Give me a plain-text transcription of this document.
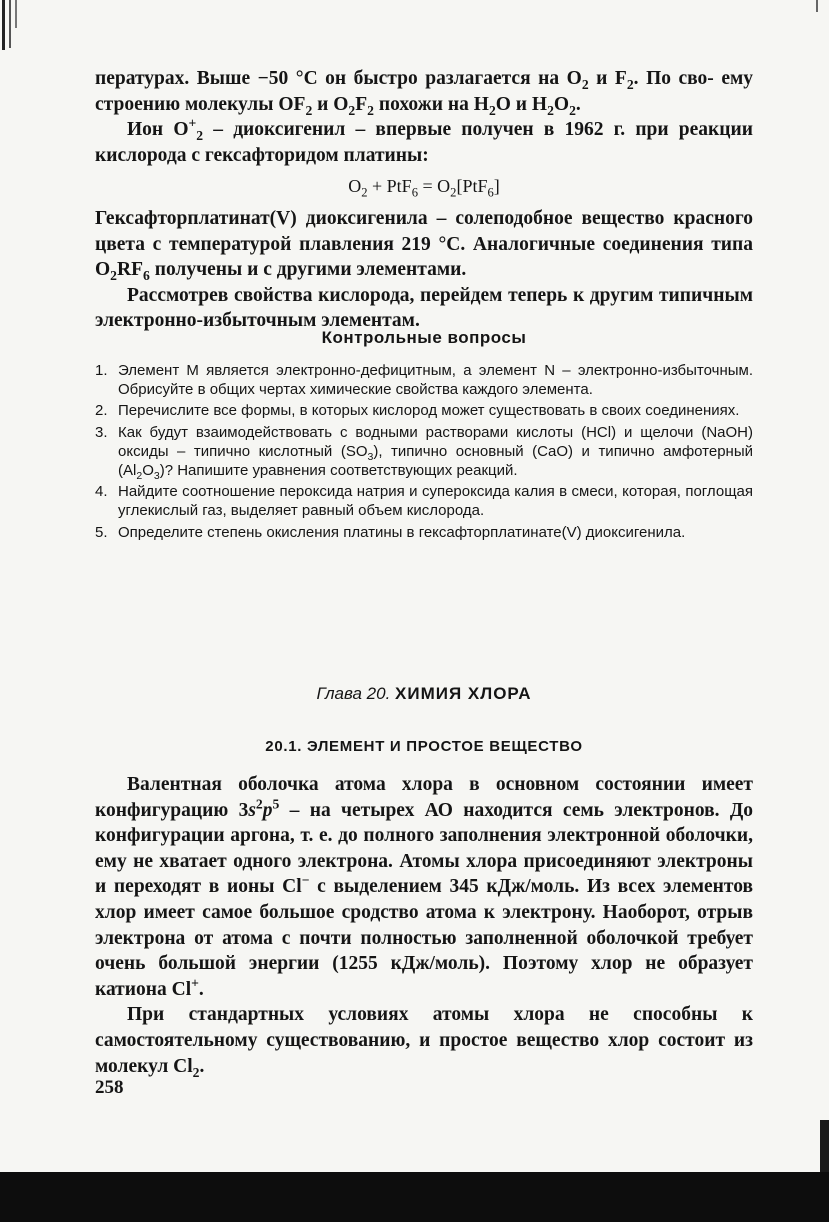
пературах. Выше −50 °С он быстро разлагается на $O_2$ и $F_2$. По сво- ему строению молекулы $OF_2$ и $O_2F_2$ похожи на $H_2O$ и $H_2O_2$.

Ион $O^+_2$ – диоксигенил – впервые получен в 1962 г. при реакции кислорода с гексафторидом платины:

$O_2 + PtF_6 = O_2[PtF_6]$

Гексафторплатинат(V) диоксигенила – солеподобное вещество красного цвета с температурой плавления 219 °С. Аналогичные соединения типа $O_2RF_6$ получены и с другими элементами.

Рассмотрев свойства кислорода, перейдем теперь к другим типичным электронно-избыточным элементам.

Контрольные вопросы
1. Элемент M является электронно-дефицитным, а элемент N – электронно-избыточным. Обрисуйте в общих чертах химические свойства каждого элемента.
2. Перечислите все формы, в которых кислород может существовать в своих соединениях.
3. Как будут взаимодействовать с водными растворами кислоты (HCl) и щелочи (NaOH) оксиды – типично кислотный $(SO_3)$, типично основный (CaO) и типично амфотерный $(Al_2O_3)$? Напишите уравнения соответствующих реакций.
4. Найдите соотношение пероксида натрия и супероксида калия в смеси, которая, поглощая углекислый газ, выделяет равный объем кислорода.
5. Определите степень окисления платины в гексафторплатинате(V) диоксигенила.
Глава 20. ХИМИЯ ХЛОРА
20.1. ЭЛЕМЕНТ И ПРОСТОЕ ВЕЩЕСТВО

Валентная оболочка атома хлора в основном состоянии имеет конфигурацию $3s^2p^5$ – на четырех АО находится семь электронов. До конфигурации аргона, т. е. до полного заполнения электронной оболочки, ему не хватает одного электрона. Атомы хлора присоединяют электроны и переходят в ионы Cl− с выделением 345 кДж/моль. Из всех элементов хлор имеет самое большое сродство атома к электрону. Наоборот, отрыв электрона от атома с почти полностью заполненной оболочкой требует очень большой энергии (1255 кДж/моль). Поэтому хлор не образует катиона Cl+.

При стандартных условиях атомы хлора не способны к самостоятельному существованию, и простое вещество хлор состоит из молекул $Cl_2$.

258
